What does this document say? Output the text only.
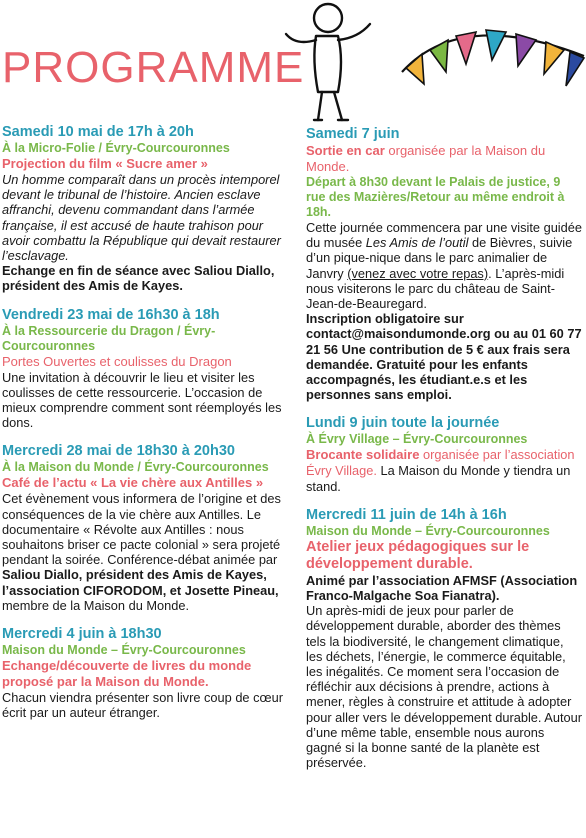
PROGRAMME
Samedi 10 mai de 17h à 20h
À la Micro-Folie / Évry-Courcouronnes
Projection du film « Sucre amer »
Un homme comparaît dans un procès intemporel devant le tribunal de l’histoire. Ancien esclave affranchi, devenu commandant dans l’armée française, il est accusé de haute trahison pour avoir combattu la République qui devait restaurer l’esclavage.
Echange en fin de séance avec Saliou Diallo, président des Amis de Kayes.
Vendredi 23 mai de 16h30 à 18h
À la Ressourcerie du Dragon / Évry-Courcouronnes
Portes Ouvertes et coulisses du Dragon
Une invitation à découvrir le lieu et visiter les coulisses de cette ressourcerie. L’occasion de mieux comprendre comment sont réemployés les dons.
Mercredi 28 mai de 18h30 à 20h30
À la Maison du Monde / Évry-Courcouronnes
Café de l’actu « La vie chère aux Antilles »
Cet évènement vous informera de l’origine et des conséquences de la vie chère aux Antilles. Le documentaire « Révolte aux Antilles : nous souhaitons briser ce pacte colonial » sera projeté pendant la soirée. Conférence-débat animée par Saliou Diallo, président des Amis de Kayes, l’association CIFORODOM, et Josette Pineau, membre de la Maison du Monde.
Mercredi 4 juin à 18h30
Maison du Monde – Évry-Courcouronnes
Echange/découverte de livres du monde proposé par la Maison du Monde.
Chacun viendra présenter son livre coup de cœur écrit par un auteur étranger.
Samedi 7 juin
Sortie en car organisée par la Maison du Monde.
Départ à 8h30 devant le Palais de justice, 9 rue des Mazières/Retour au même endroit à 18h.
Cette journée commencera par une visite guidée du musée Les Amis de l’outil de Bièvres, suivie d’un pique-nique dans le parc animalier de Janvry (venez avec votre repas). L’après-midi nous visiterons le parc du château de Saint-Jean-de-Beauregard.
Inscription obligatoire sur contact@maisondumonde.org ou au 01 60 77 21 56 Une contribution de 5 € aux frais sera demandée. Gratuité pour les enfants accompagnés, les étudiant.e.s et les personnes sans emploi.
Lundi 9 juin toute la journée
À Évry Village – Évry-Courcouronnes
Brocante solidaire organisée par l’association Évry Village. La Maison du Monde y tiendra un stand.
Mercredi 11 juin de 14h à 16h
Maison du Monde – Évry-Courcouronnes
Atelier jeux pédagogiques sur le développement durable.
Animé par l’association AFMSF (Association Franco-Malgache Soa Fianatra).
Un après-midi de jeux pour parler de développement durable, aborder des thèmes tels la biodiversité, le changement climatique, les déchets, l’énergie, le commerce équitable, les inégalités. Ce moment sera l’occasion de réfléchir aux décisions à prendre, actions à mener, règles à construire et attitude à adopter pour aller vers le développement durable. Autour d’une même table, ensemble nous aurons gagné si la bonne santé de la planète est préservée.
